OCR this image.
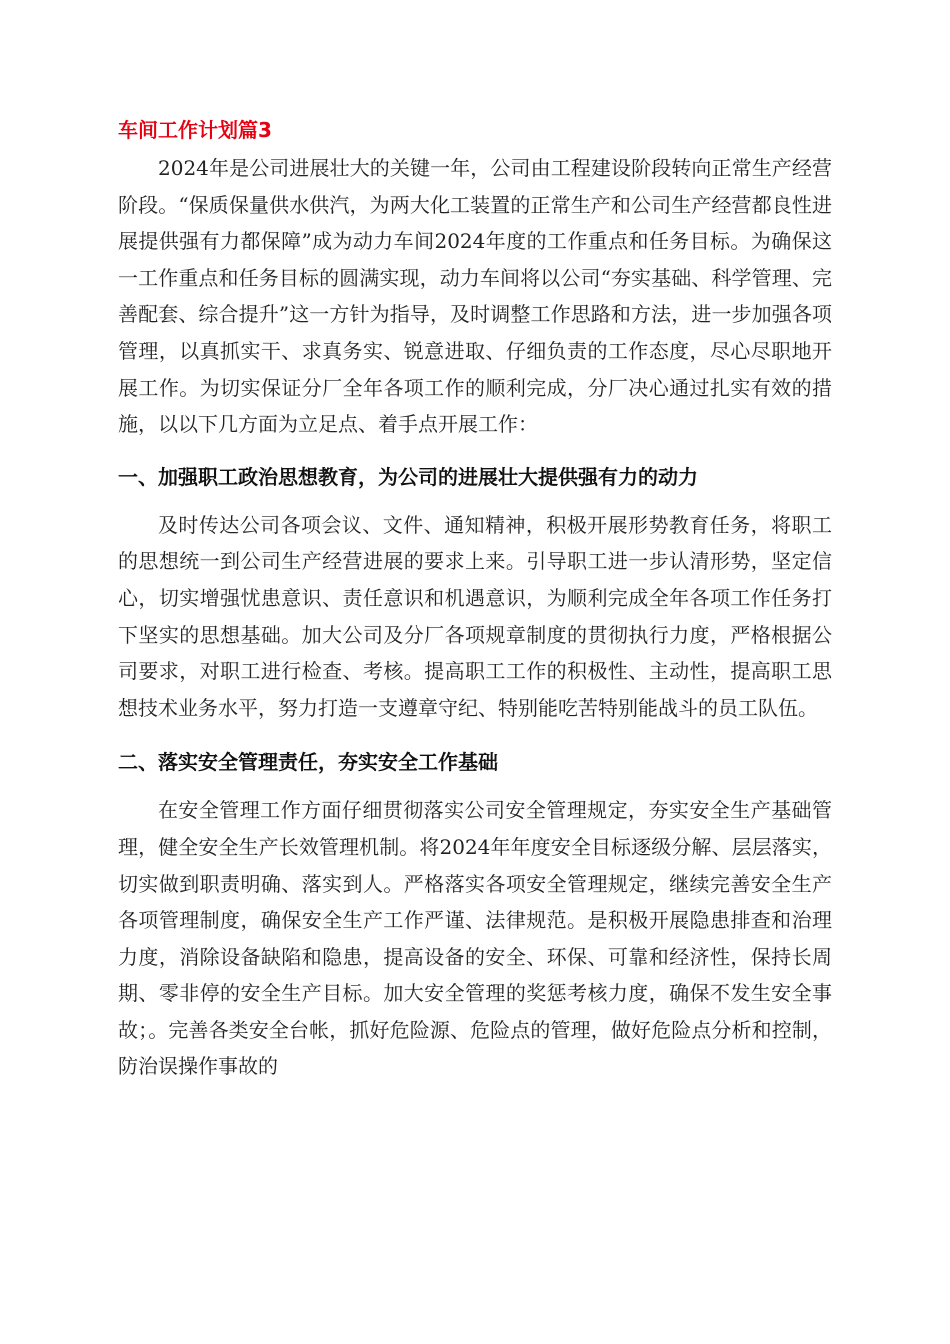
车间工作计划篇3

2024年是公司进展壮大的关键一年，公司由工程建设阶段转向正常生产经营阶段。“保质保量供水供汽，为两大化工装置的正常生产和公司生产经营都良性进展提供强有力都保障”成为动力车间2024年度的工作重点和任务目标。为确保这一工作重点和任务目标的圆满实现，动力车间将以公司“夯实基础、科学管理、完善配套、综合提升”这一方针为指导，及时调整工作思路和方法，进一步加强各项管理，以真抓实干、求真务实、锐意进取、仔细负责的工作态度，尽心尽职地开展工作。为切实保证分厂全年各项工作的顺利完成，分厂决心通过扎实有效的措施，以以下几方面为立足点、着手点开展工作：

一、加强职工政治思想教育，为公司的进展壮大提供强有力的动力

及时传达公司各项会议、文件、通知精神，积极开展形势教育任务，将职工的思想统一到公司生产经营进展的要求上来。引导职工进一步认清形势，坚定信心，切实增强忧患意识、责任意识和机遇意识，为顺利完成全年各项工作任务打下坚实的思想基础。加大公司及分厂各项规章制度的贯彻执行力度，严格根据公司要求，对职工进行检查、考核。提高职工工作的积极性、主动性，提高职工思想技术业务水平，努力打造一支遵章守纪、特别能吃苦特别能战斗的员工队伍。

二、落实安全管理责任，夯实安全工作基础

在安全管理工作方面仔细贯彻落实公司安全管理规定，夯实安全生产基础管理，健全安全生产长效管理机制。将2024年年度安全目标逐级分解、层层落实，切实做到职责明确、落实到人。严格落实各项安全管理规定，继续完善安全生产各项管理制度，确保安全生产工作严谨、法律规范。是积极开展隐患排查和治理力度，消除设备缺陷和隐患，提高设备的安全、环保、可靠和经济性，保持长周期、零非停的安全生产目标。加大安全管理的奖惩考核力度，确保不发生安全事故；。完善各类安全台帐，抓好危险源、危险点的管理，做好危险点分析和控制，防治误操作事故的
